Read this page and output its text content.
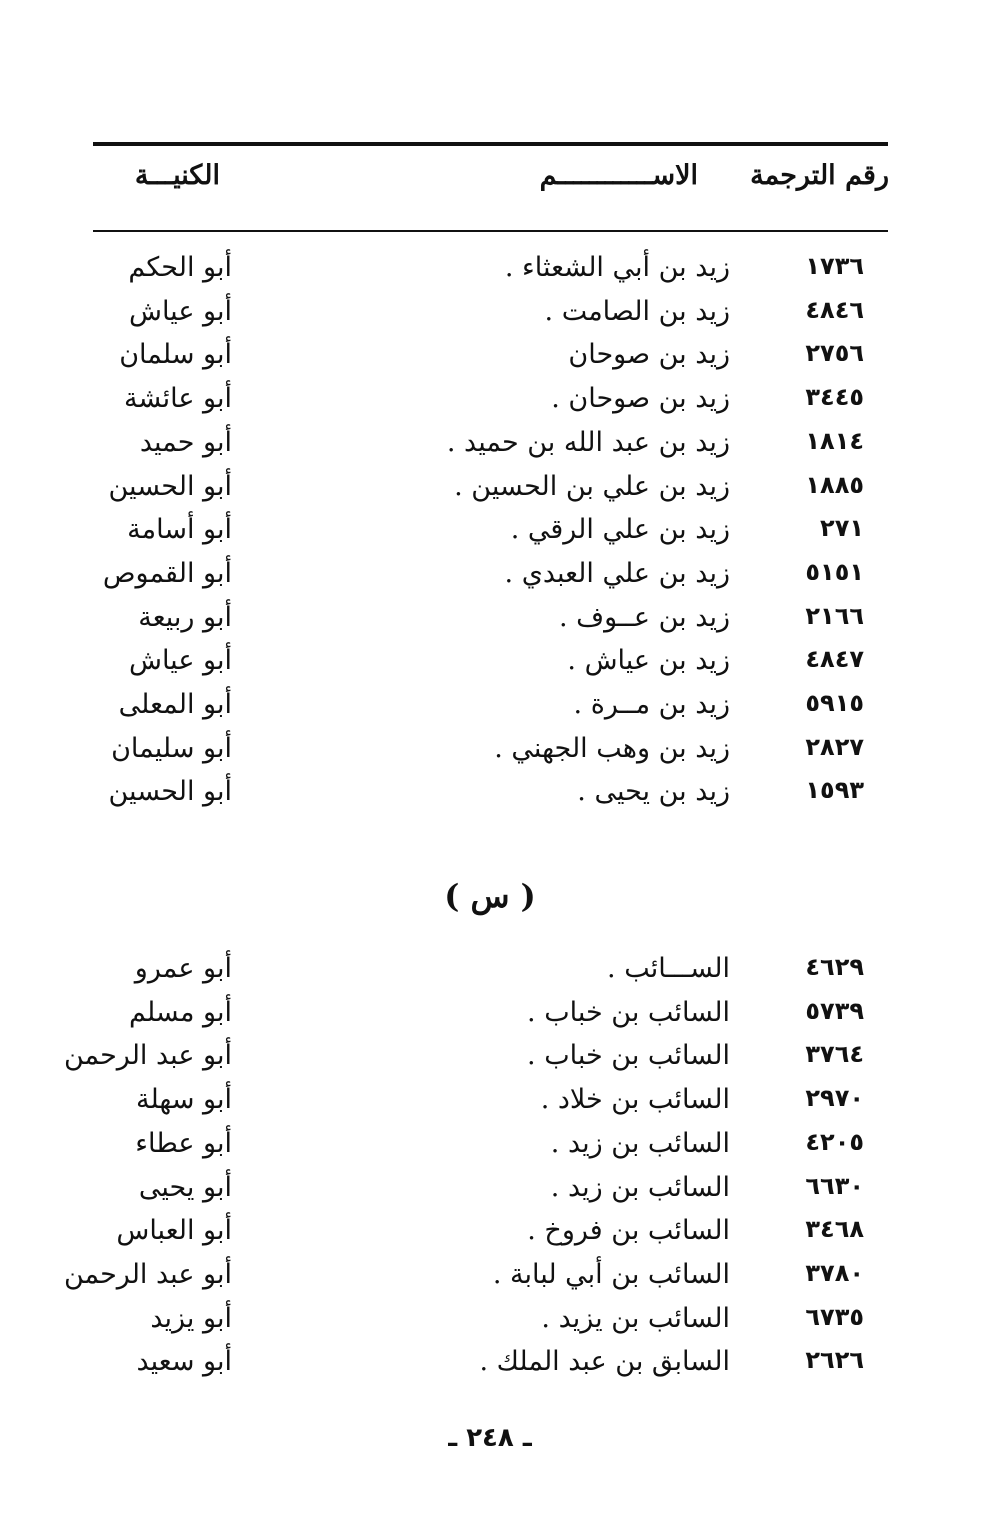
رقم الترجمة
الاســــــــــــم
الكنيـــة
١٧٣٦
زيد بن أبي الشعثاء .
أبو الحكم
٤٨٤٦
زيد بن الصامت .
أبو عياش
٢٧٥٦
زيد بن صوحان
أبو سلمان
٣٤٤٥
زيد بن صوحان .
أبو عائشة
١٨١٤
زيد بن عبد الله بن حميد .
أبو حميد
١٨٨٥
زيد بن علي بن الحسين .
أبو الحسين
٢٧١
زيد بن علي الرقي .
أبو أسامة
٥١٥١
زيد بن علي العبدي .
أبو القموص
٢١٦٦
زيد بن عــوف .
أبو ربيعة
٤٨٤٧
زيد بن عياش .
أبو عياش
٥٩١٥
زيد بن مــرة .
أبو المعلى
٢٨٢٧
زيد بن وهب الجهني .
أبو سليمان
١٥٩٣
زيد بن يحيى .
أبو الحسين
( س )
٤٦٢٩
الســـائب .
أبو عمرو
٥٧٣٩
السائب بن خباب .
أبو مسلم
٣٧٦٤
السائب بن خباب .
أبو عبد الرحمن
٢٩٧٠
السائب بن خلاد .
أبو سهلة
٤٢٠٥
السائب بن زيد .
أبو عطاء
٦٦٣٠
السائب بن زيد .
أبو يحيى
٣٤٦٨
السائب بن فروخ .
أبو العباس
٣٧٨٠
السائب بن أبي لبابة .
أبو عبد الرحمن
٦٧٣٥
السائب بن يزيد .
أبو يزيد
٢٦٢٦
السابق بن عبد الملك .
أبو سعيد
ـ ٢٤٨ ـ
